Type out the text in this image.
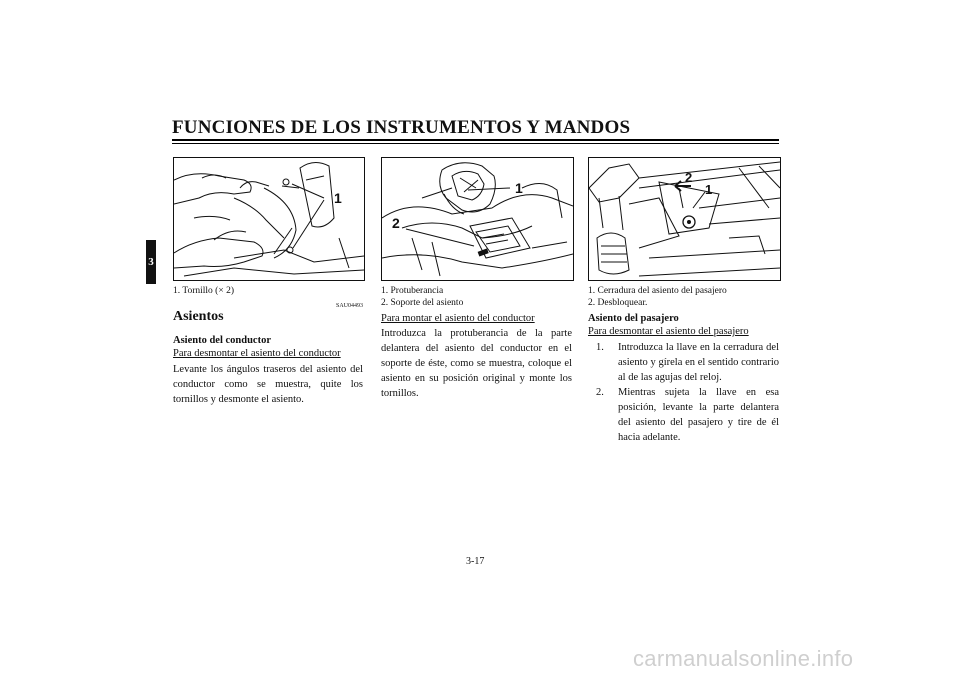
FUNCIONES DE LOS INSTRUMENTOS Y MANDOS
3
1
1. Tornillo (× 2)
SAU04493
Asientos
Asiento del conductor
Para desmontar el asiento del conductor
Levante los ángulos traseros del asiento del conductor como se muestra, quite los tornillos y desmonte el asiento.
1
2
1. Protuberancia
2. Soporte del asiento
Para montar el asiento del conductor
Introduzca la protuberancia de la parte delantera del asiento del conductor en el soporte de éste, como se muestra, coloque el asiento en su posición original y monte los tornillos.
2
1
1. Cerradura del asiento del pasajero
2. Desbloquear.
Asiento del pasajero
Para desmontar el asiento del pasajero
1.	Introduzca la llave en la cerradura del asiento y gírela en el sentido contrario al de las agujas del reloj.
2.	Mientras sujeta la llave en esa posición, levante la parte delantera del asiento del pasajero y tire de él hacia adelante.
3-17
carmanualsonline.info
